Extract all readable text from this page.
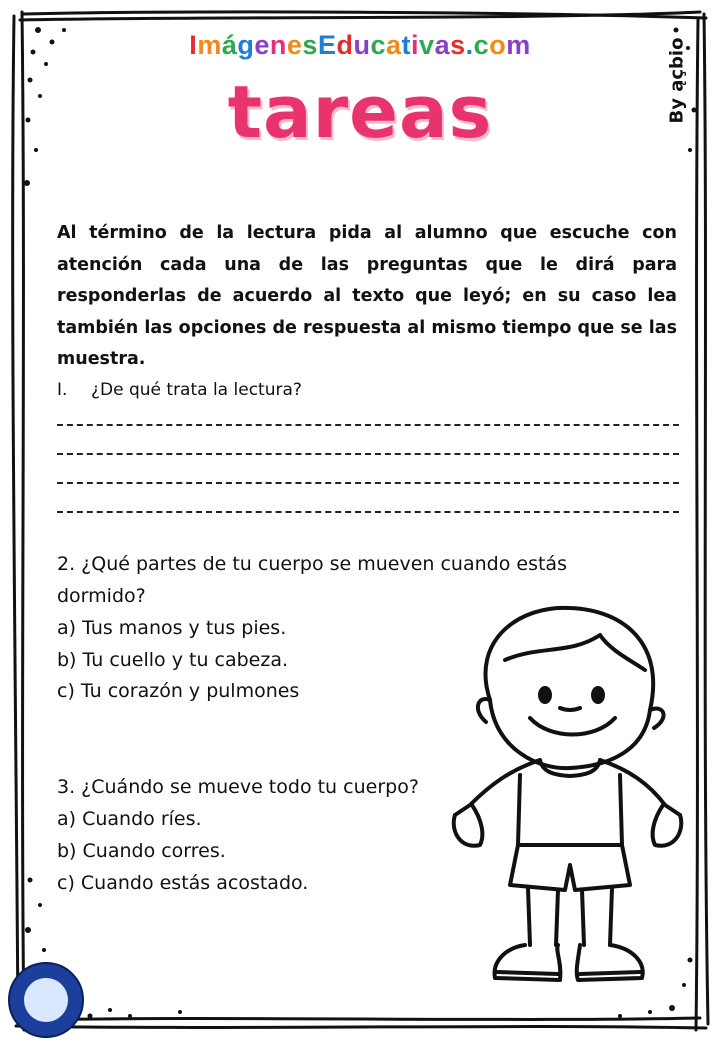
ImágenesEducativas.com
tareas	By ąçbio

Al término de la lectura pida al alumno que escuche con atención cada una de las preguntas que le dirá para responderlas de acuerdo al texto que leyó; en su caso lea también las opciones de respuesta al mismo tiempo que se las muestra.

I. ¿De qué trata la lectura?

2. ¿Qué partes de tu cuerpo se mueven cuando estás dormido?

a) Tus manos y tus pies.

b) Tu cuello y tu cabeza.

c) Tu corazón y pulmones

3. ¿Cuándo se mueve todo tu cuerpo?

a) Cuando ríes.

b) Cuando corres.

c) Cuando estás acostado.
